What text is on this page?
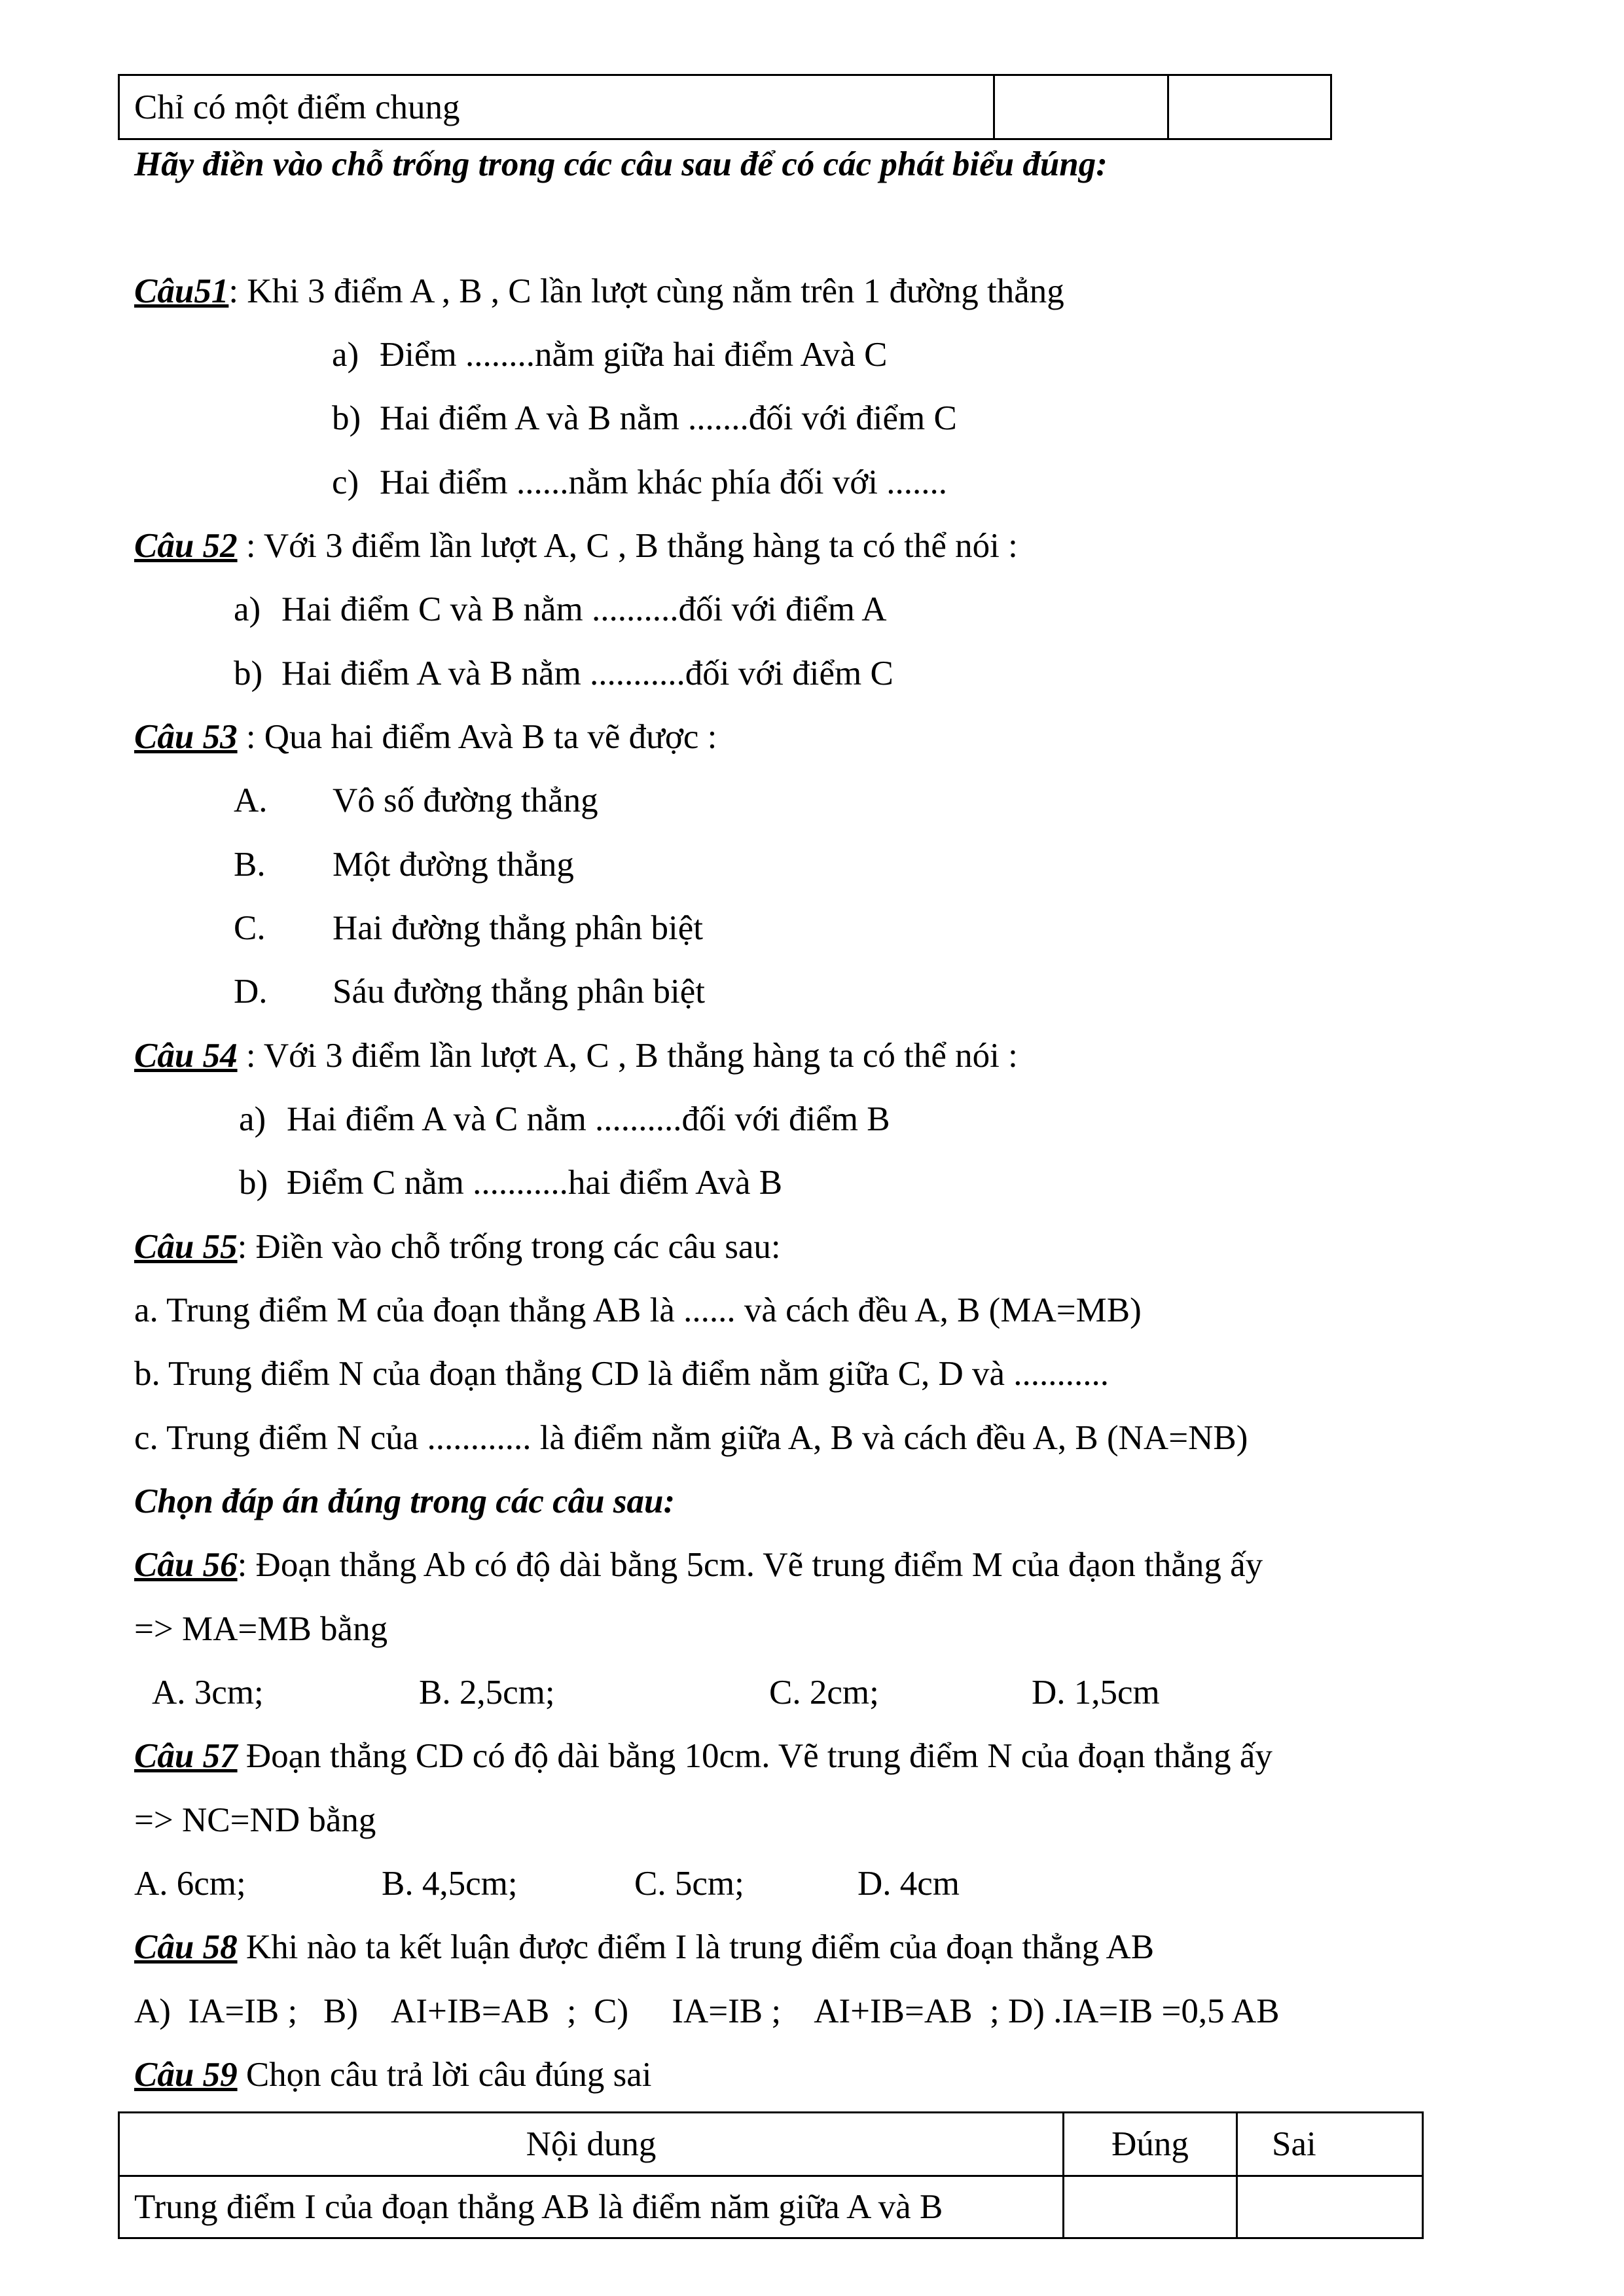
Chỉ có một điểm chung		
Hãy điền vào chỗ trống trong các câu sau để có các phát biểu đúng:
Câu51: Khi 3 điểm A , B , C lần lượt cùng nằm trên 1 đường thẳng
a) Điểm ........nằm giữa hai điểm Avà C
b) Hai điểm A và B nằm .......đối với điểm C
c) Hai điểm ......nằm khác phía đối với .......
Câu 52 : Với 3 điểm lần lượt A, C , B thẳng hàng ta có thể nói :
a) Hai điểm C và B nằm ..........đối với điểm A
b) Hai điểm A và B nằm ...........đối với điểm C
Câu 53 : Qua hai điểm Avà B ta vẽ được :
A. Vô số đường thẳng
B. Một đường thẳng
C. Hai đường thẳng phân biệt
D. Sáu đường thẳng phân biệt
Câu 54 : Với 3 điểm lần lượt A, C , B thẳng hàng ta có thể nói :
a) Hai điểm A và C nằm ..........đối với điểm B
b) Điểm C nằm ...........hai điểm Avà B
Câu 55: Điền vào chỗ trống trong các câu sau:
a. Trung điểm M của đoạn thẳng AB là ...... và cách đều A, B (MA=MB)
b. Trung điểm N của đoạn thẳng CD là điểm nằm giữa C, D và ...........
c. Trung điểm N của ............ là điểm nằm giữa A, B và cách đều A, B (NA=NB)
Chọn đáp án đúng trong các câu sau:
Câu 56: Đoạn thẳng Ab có độ dài bằng 5cm. Vẽ trung điểm M của đạon thẳng ấy
=> MA=MB bằng
A. 3cm;	B. 2,5cm;	C. 2cm;	D. 1,5cm
Câu 57 Đoạn thẳng CD có độ dài bằng 10cm. Vẽ trung điểm N của đoạn thẳng ấy
=> NC=ND bằng
A. 6cm;	B. 4,5cm;	C. 5cm;	D. 4cm
Câu 58 Khi nào ta kết luận được điểm I là trung điểm của đoạn thẳng AB
A)  IA=IB ;   B)    AI+IB=AB  ;  C)     IA=IB ;    AI+IB=AB  ; D) .IA=IB =0,5 AB
Câu 59 Chọn câu trả lời câu đúng sai
Nội dung	Đúng	Sai
Trung điểm I của đoạn thẳng AB là điểm năm giữa A và B		
